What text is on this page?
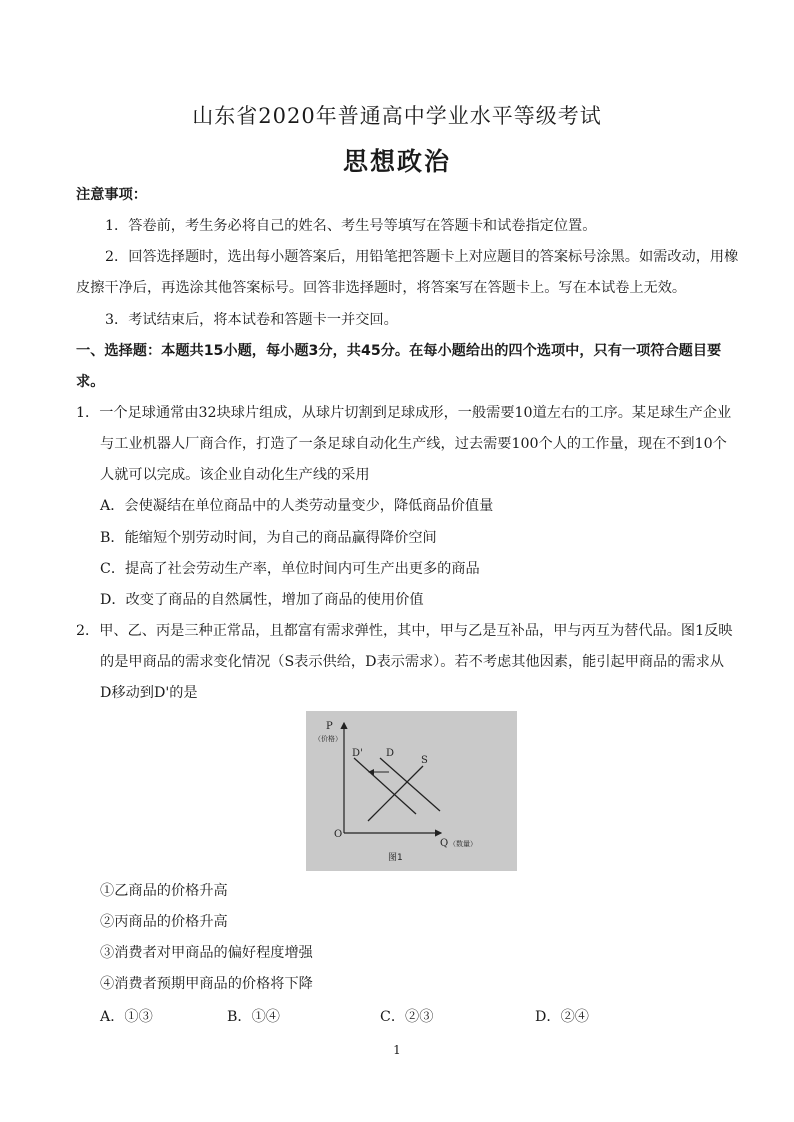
山东省2020年普通高中学业水平等级考试
思想政治
注意事项：
1．答卷前，考生务必将自己的姓名、考生号等填写在答题卡和试卷指定位置。
2．回答选择题时，选出每小题答案后，用铅笔把答题卡上对应题目的答案标号涂黑。如需改动，用橡
皮擦干净后，再选涂其他答案标号。回答非选择题时，将答案写在答题卡上。写在本试卷上无效。
3．考试结束后，将本试卷和答题卡一并交回。
一、选择题：本题共15小题，每小题3分，共45分。在每小题给出的四个选项中，只有一项符合题目要
求。
1．一个足球通常由32块球片组成，从球片切割到足球成形，一般需要10道左右的工序。某足球生产企业
与工业机器人厂商合作，打造了一条足球自动化生产线，过去需要100个人的工作量，现在不到10个
人就可以完成。该企业自动化生产线的采用
A．会使凝结在单位商品中的人类劳动量变少，降低商品价值量
B．能缩短个别劳动时间，为自己的商品赢得降价空间
C．提高了社会劳动生产率，单位时间内可生产出更多的商品
D．改变了商品的自然属性，增加了商品的使用价值
2．甲、乙、丙是三种正常品，且都富有需求弹性，其中，甲与乙是互补品，甲与丙互为替代品。图1反映
的是甲商品的需求变化情况（S表示供给，D表示需求）。若不考虑其他因素，能引起甲商品的需求从
D移动到D'的是
P
（价格）
D' D
S
O
Q （数量）
图1
①乙商品的价格升高
②丙商品的价格升高
③消费者对甲商品的偏好程度增强
④消费者预期甲商品的价格将下降
A．①③	B．①④	C．②③	D．②④
1
